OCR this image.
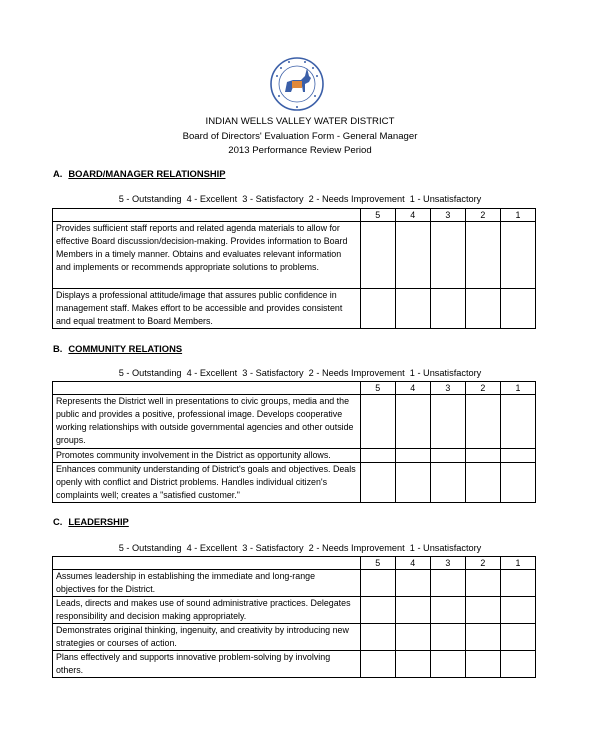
INDIAN WELLS VALLEY WATER DISTRICT
Board of Directors' Evaluation Form - General Manager
2013 Performance Review Period
A. BOARD/MANAGER RELATIONSHIP
5 - Outstanding  4 - Excellent  3 - Satisfactory  2 - Needs Improvement  1 - Unsatisfactory
	5	4	3	2	1
Provides sufficient staff reports and related agenda materials to allow for effective Board discussion/decision-making. Provides information to Board Members in a timely manner. Obtains and evaluates relevant information and implements or recommends appropriate solutions to problems.					
Displays a professional attitude/image that assures public confidence in management staff. Makes effort to be accessible and provides consistent and equal treatment to Board Members.					
B. COMMUNITY RELATIONS
5 - Outstanding  4 - Excellent  3 - Satisfactory  2 - Needs Improvement  1 - Unsatisfactory
	5	4	3	2	1
Represents the District well in presentations to civic groups, media and the public and provides a positive, professional image. Develops cooperative working relationships with outside governmental agencies and other outside groups.					
Promotes community involvement in the District as opportunity allows.					
Enhances community understanding of District's goals and objectives. Deals openly with conflict and District problems. Handles individual citizen's complaints well; creates a "satisfied customer."					
C. LEADERSHIP
5 - Outstanding  4 - Excellent  3 - Satisfactory  2 - Needs Improvement  1 - Unsatisfactory
	5	4	3	2	1
Assumes leadership in establishing the immediate and long-range objectives for the District.					
Leads, directs and makes use of sound administrative practices. Delegates responsibility and decision making appropriately.					
Demonstrates original thinking, ingenuity, and creativity by introducing new strategies or courses of action.					
Plans effectively and supports innovative problem-solving by involving others.					
